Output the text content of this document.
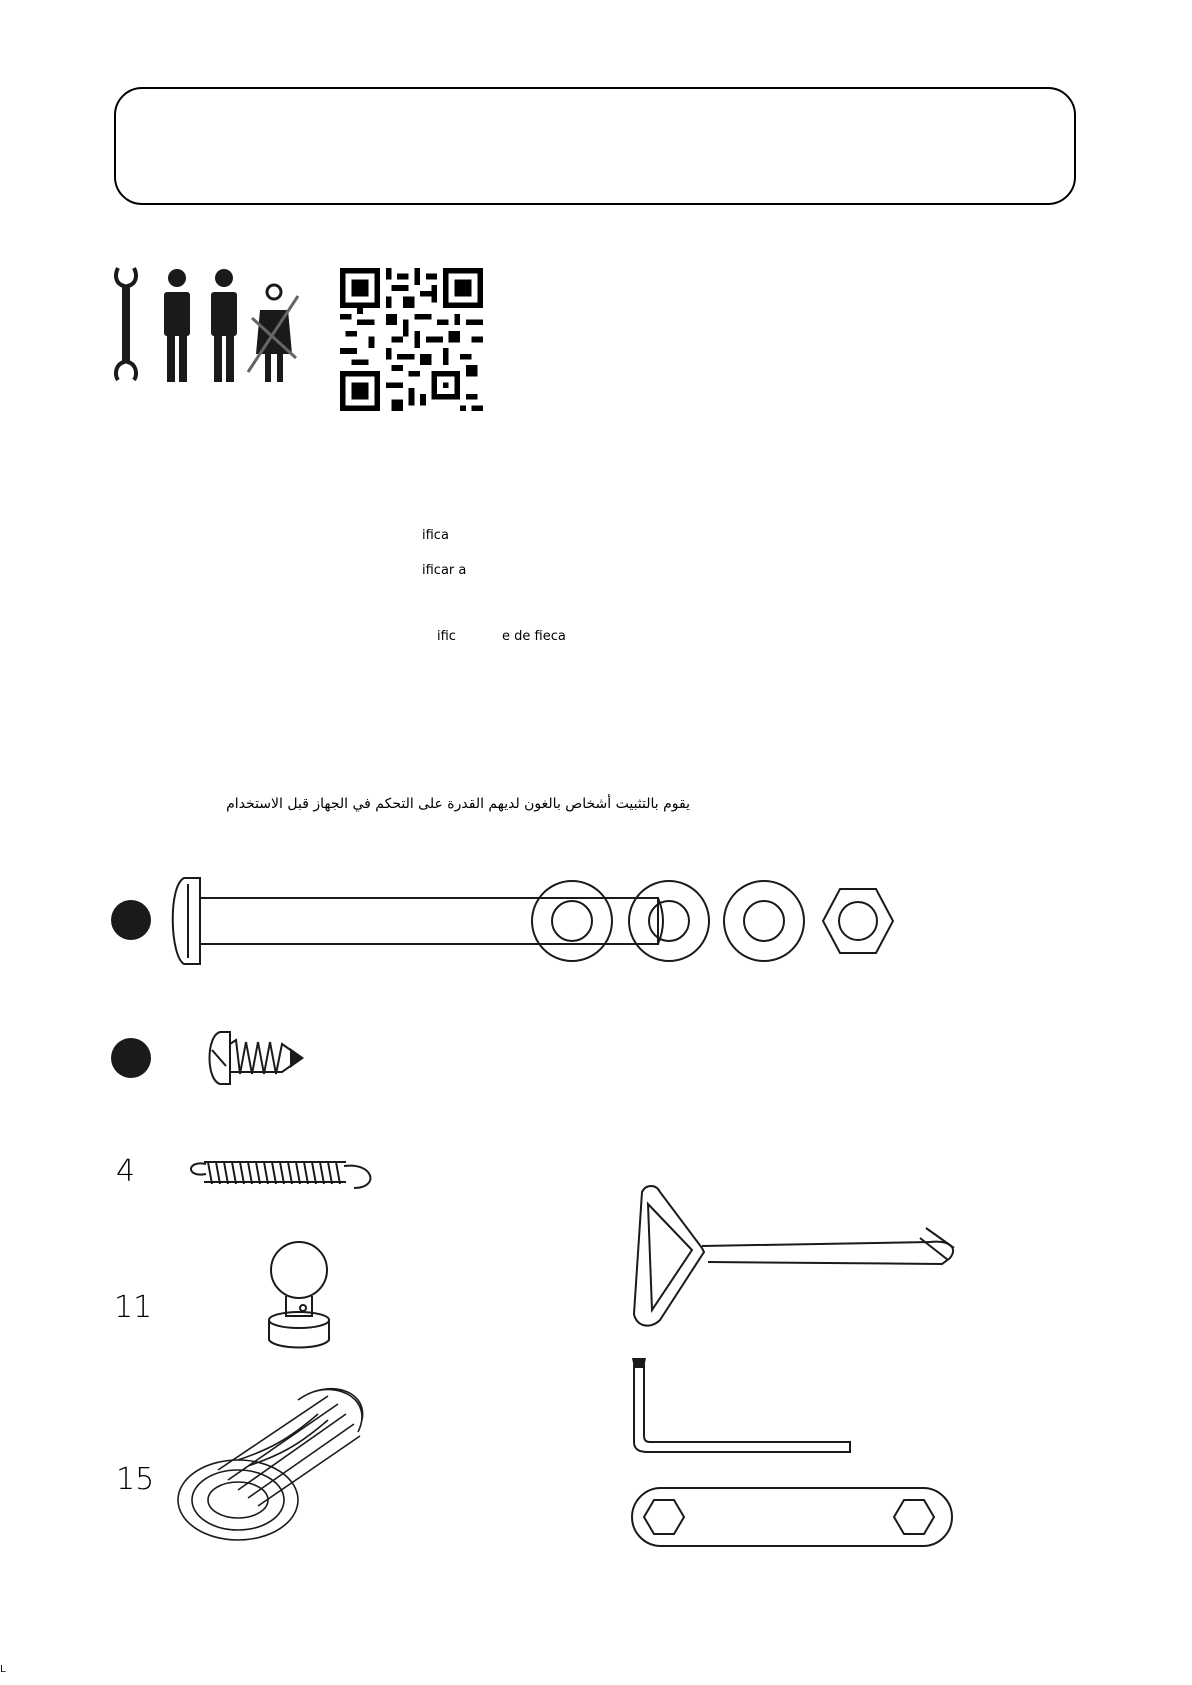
ifica
ificar a
ific	e de fieca
يقوم بالتثبيت أشخاص بالغون لديهم القدرة على التحكم في الجهاز قبل الاستخدام
4
11
15
L
